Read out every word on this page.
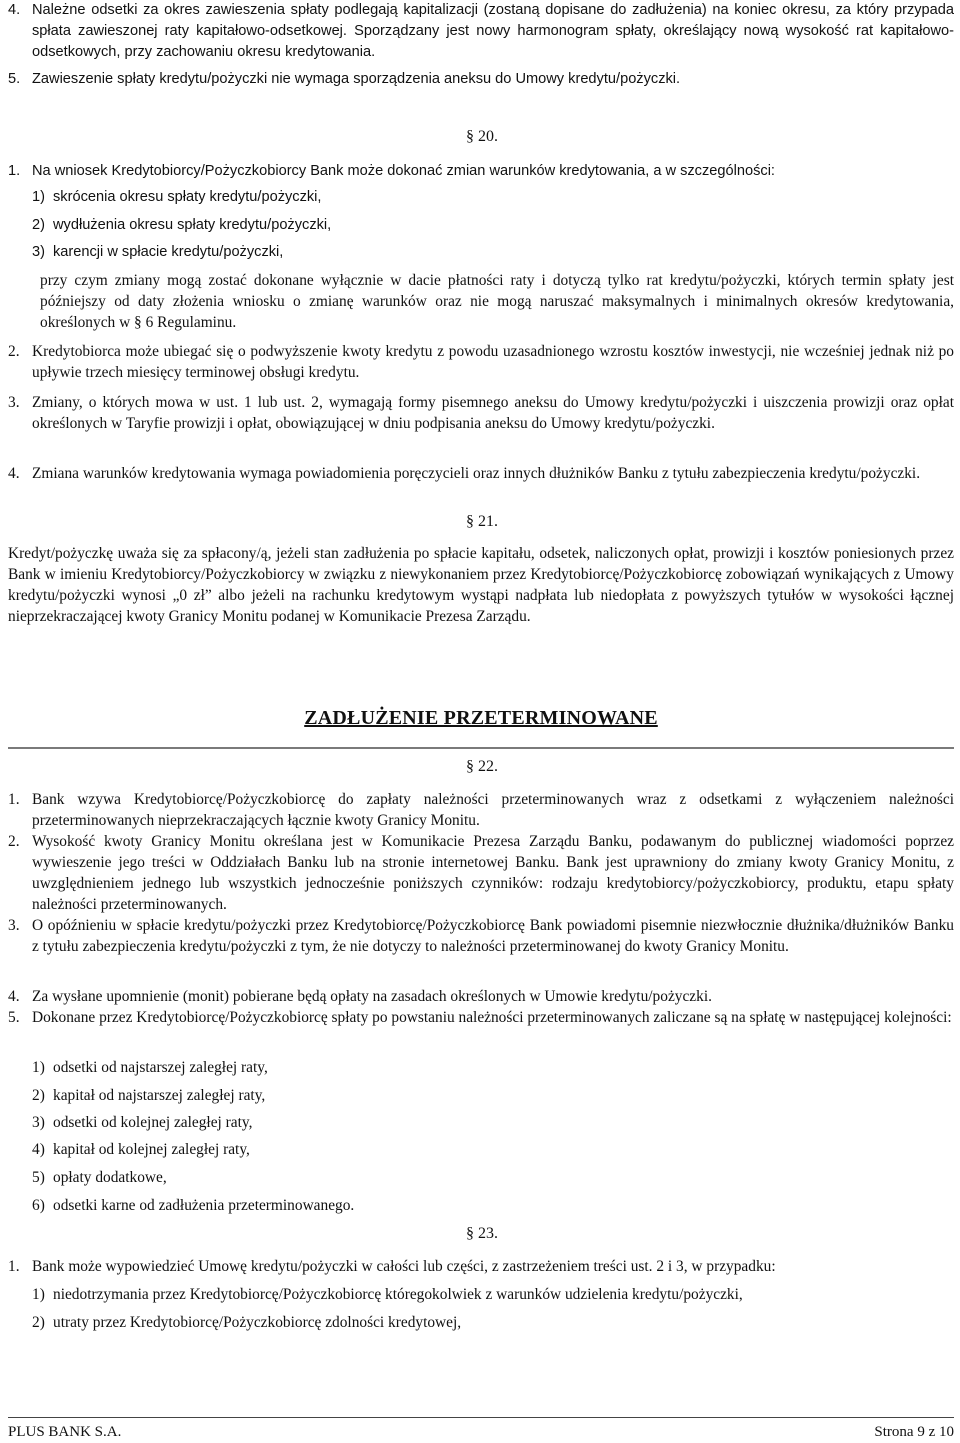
4. Należne odsetki za okres zawieszenia spłaty podlegają kapitalizacji (zostaną dopisane do zadłużenia) na koniec okresu, za który przypada spłata zawieszonej raty kapitałowo-odsetkowej. Sporządzany jest nowy harmonogram spłaty, określający nową wysokość rat kapitałowo-odsetkowych, przy zachowaniu okresu kredytowania.
5. Zawieszenie spłaty kredytu/pożyczki nie wymaga sporządzenia aneksu do Umowy kredytu/pożyczki.
§ 20.
1. Na wniosek Kredytobiorcy/Pożyczkobiorcy Bank może dokonać zmian warunków kredytowania, a w szczególności:
1) skrócenia okresu spłaty kredytu/pożyczki,
2) wydłużenia okresu spłaty kredytu/pożyczki,
3) karencji w spłacie kredytu/pożyczki,
przy czym zmiany mogą zostać dokonane wyłącznie w dacie płatności raty i dotyczą tylko rat kredytu/pożyczki, których termin spłaty jest późniejszy od daty złożenia wniosku o zmianę warunków oraz nie mogą naruszać maksymalnych i minimalnych okresów kredytowania, określonych w § 6 Regulaminu.
2. Kredytobiorca może ubiegać się o podwyższenie kwoty kredytu z powodu uzasadnionego wzrostu kosztów inwestycji, nie wcześniej jednak niż po upływie trzech miesięcy terminowej obsługi kredytu.
3. Zmiany, o których mowa w ust. 1 lub ust. 2, wymagają formy pisemnego aneksu do Umowy kredytu/pożyczki i uiszczenia prowizji oraz opłat określonych w Taryfie prowizji i opłat, obowiązującej w dniu podpisania aneksu do Umowy kredytu/pożyczki.
4. Zmiana warunków kredytowania wymaga powiadomienia poręczycieli oraz innych dłużników Banku z tytułu zabezpieczenia kredytu/pożyczki.
§ 21.
Kredyt/pożyczkę uważa się za spłacony/ą, jeżeli stan zadłużenia po spłacie kapitału, odsetek, naliczonych opłat, prowizji i kosztów poniesionych przez Bank w imieniu Kredytobiorcy/Pożyczkobiorcy w związku z niewykonaniem przez Kredytobiorcę/Pożyczkobiorcę zobowiązań wynikających z Umowy kredytu/pożyczki wynosi „0 zł” albo jeżeli na rachunku kredytowym wystąpi nadpłata lub niedopłata z powyższych tytułów w wysokości łącznej nieprzekraczającej kwoty Granicy Monitu podanej w Komunikacie Prezesa Zarządu.
ZADŁUŻENIE PRZETERMINOWANE
§ 22.
1. Bank wzywa Kredytobiorcę/Pożyczkobiorcę do zapłaty należności przeterminowanych wraz z odsetkami z wyłączeniem należności przeterminowanych nieprzekraczających łącznie kwoty Granicy Monitu.
2. Wysokość kwoty Granicy Monitu określana jest w Komunikacie Prezesa Zarządu Banku, podawanym do publicznej wiadomości poprzez wywieszenie jego treści w Oddziałach Banku lub na stronie internetowej Banku. Bank jest uprawniony do zmiany kwoty Granicy Monitu, z uwzględnieniem jednego lub wszystkich jednocześnie poniższych czynników: rodzaju kredytobiorcy/pożyczkobiorcy, produktu, etapu spłaty należności przeterminowanych.
3. O opóźnieniu w spłacie kredytu/pożyczki przez Kredytobiorcę/Pożyczkobiorcę Bank powiadomi pisemnie niezwłocznie dłużnika/dłużników Banku z tytułu zabezpieczenia kredytu/pożyczki z tym, że nie dotyczy to należności przeterminowanej do kwoty Granicy Monitu.
4. Za wysłane upomnienie (monit) pobierane będą opłaty na zasadach określonych w Umowie kredytu/pożyczki.
5. Dokonane przez Kredytobiorcę/Pożyczkobiorcę spłaty po powstaniu należności przeterminowanych zaliczane są na spłatę w następującej kolejności:
1) odsetki od najstarszej zaległej raty,
2) kapitał od najstarszej zaległej raty,
3) odsetki od kolejnej zaległej raty,
4) kapitał od kolejnej zaległej raty,
5) opłaty dodatkowe,
6) odsetki karne od zadłużenia przeterminowanego.
§ 23.
1. Bank może wypowiedzieć Umowę kredytu/pożyczki w całości lub części, z zastrzeżeniem treści ust. 2 i 3, w przypadku:
1) niedotrzymania przez Kredytobiorcę/Pożyczkobiorcę któregokolwiek z warunków udzielenia kredytu/pożyczki,
2) utraty przez Kredytobiorcę/Pożyczkobiorcę zdolności kredytowej,
PLUS BANK S.A.	Strona 9 z 10
